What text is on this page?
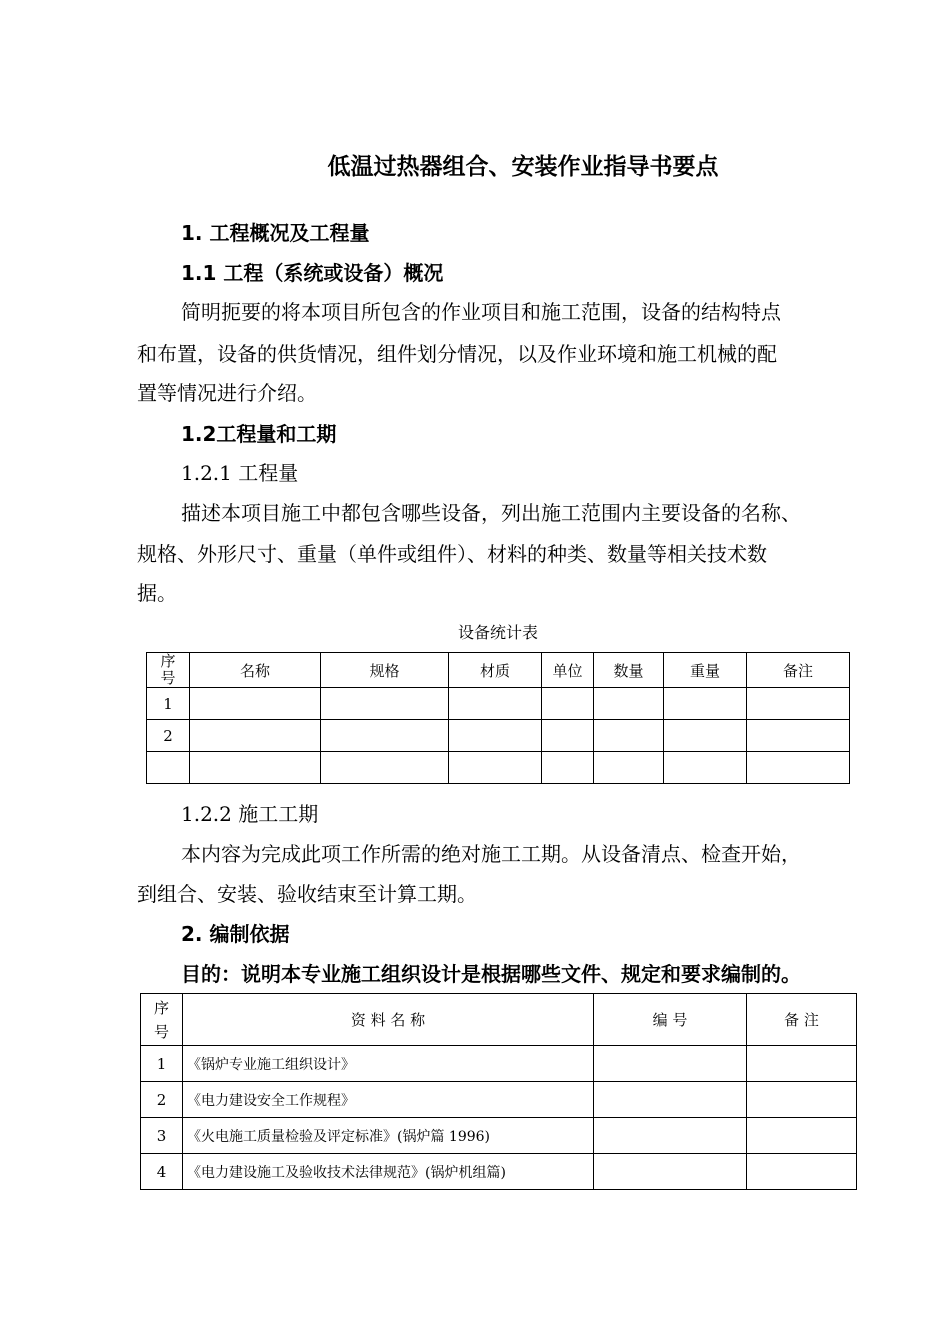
低温过热器组合、安装作业指导书要点
1. 工程概况及工程量
1.1 工程（系统或设备）概况
简明扼要的将本项目所包含的作业项目和施工范围，设备的结构特点
和布置，设备的供货情况，组件划分情况，以及作业环境和施工机械的配
置等情况进行介绍。
1.2工程量和工期
1.2.1 工程量
描述本项目施工中都包含哪些设备，列出施工范围内主要设备的名称、
规格、外形尺寸、重量（单件或组件）、材料的种类、数量等相关技术数
据。
设备统计表
序号	名称	规格	材质	单位	数量	重量	备注
1							
2							

1.2.2 施工工期
本内容为完成此项工作所需的绝对施工工期。从设备清点、检查开始，
到组合、安装、验收结束至计算工期。
2. 编制依据
目的：说明本专业施工组织设计是根据哪些文件、规定和要求编制的。
序号	资 料 名 称	编 号	备 注
1	《锅炉专业施工组织设计》		
2	《电力建设安全工作规程》		
3	《火电施工质量检验及评定标准》(锅炉篇 1996)		
4	《电力建设施工及验收技术法律规范》(锅炉机组篇)		
